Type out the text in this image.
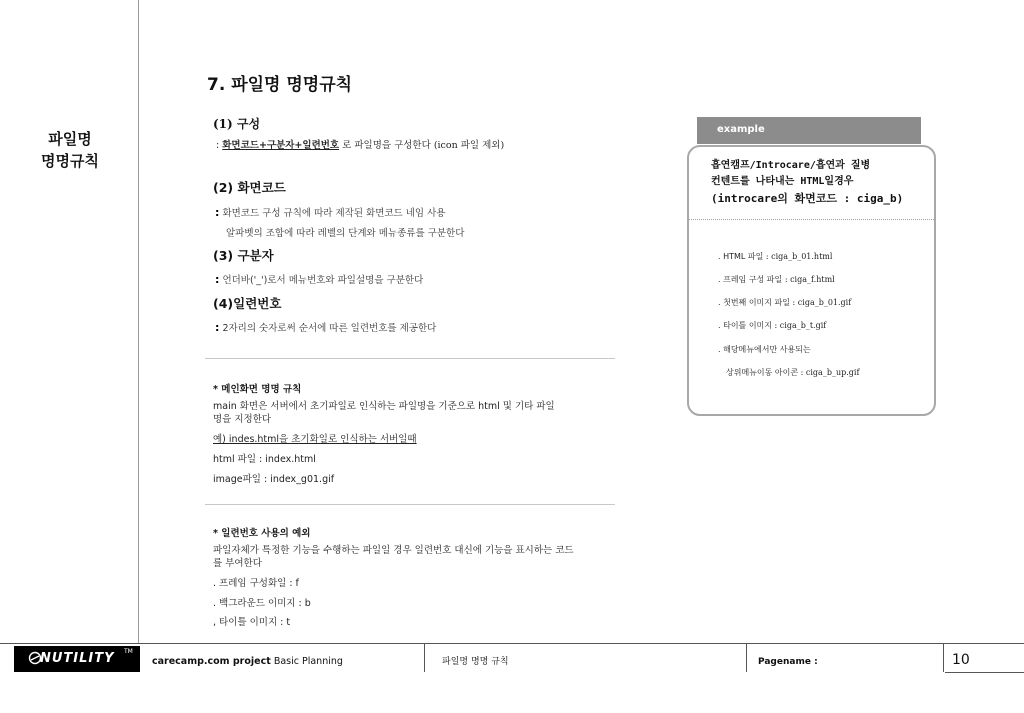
파일명
명명규칙
7. 파일명 명명규칙
(1) 구성
: 화면코드+구분자+일련번호 로 파일명을 구성한다 (icon 파일 제외)
(2) 화면코드
: 화면코드 구성 규칙에 따라 제작된 화면코드 네임 사용
알파벳의 조합에 따라 레벨의 단계와 메뉴종류를 구분한다
(3) 구분자
: 언더바('_')로서 메뉴번호와 파일설명을 구분한다
(4)일련번호
: 2자리의 숫자로써 순서에 따른 일련번호를 제공한다
* 메인화면 명명 규칙
main 화면은 서버에서 초기파일로 인식하는 파일명을 기준으로 html 및 기타 파일
명을 지정한다
예) indes.html을 초기화일로 인식하는 서버일때
html 파일 : index.html
image파일 : index_g01.gif
* 일련번호 사용의 예외
파일자체가 특정한 기능을 수행하는 파일일 경우 일련번호 대신에 기능을 표시하는 코드
를 부여한다
. 프레임 구성화일 : f
. 백그라운드 이미지 : b
, 타이틀 이미지 : t
example
흡연캠프/Introcare/흡연과 질병
컨텐트를 나타내는 HTML일경우
(introcare의 화면코드 : ciga_b)
. HTML 파일 : ciga_b_01.html
. 프레임 구성 파일 : ciga_f.html
. 첫번째 이미지 파일 : ciga_b_01.gif
. 타이틀 이미지 : ciga_b_t.gif
. 해당메뉴에서만 사용되는
상위메뉴이동 아이콘 : ciga_b_up.gif
NUTILITY	TM
carecamp.com project Basic Planning	파일명 명명 규칙	Pagename :	10
